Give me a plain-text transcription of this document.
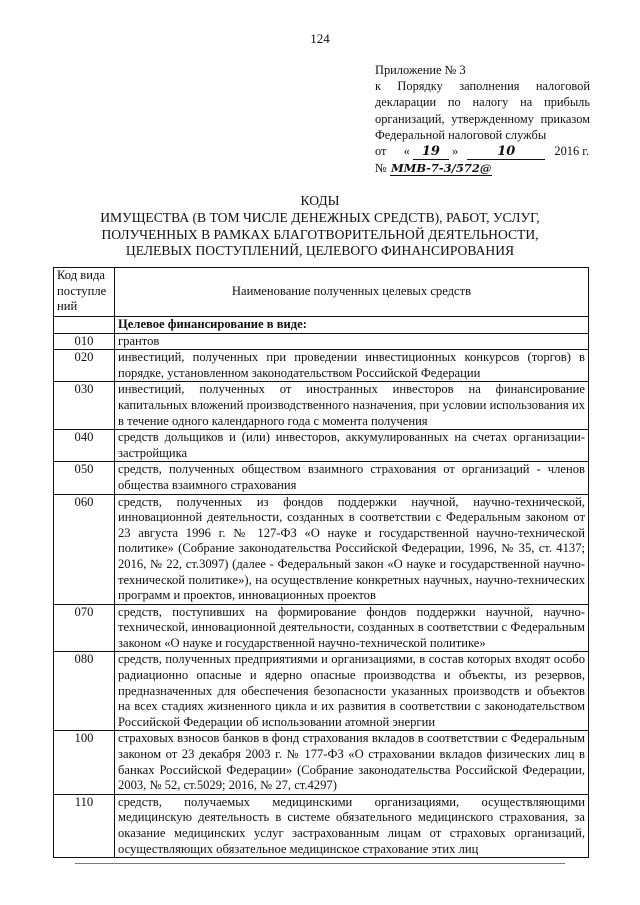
124
Приложение № 3
к Порядку заполнения налоговой
декларации по налогу на прибыль
организаций, утвержденному приказом
Федеральной налоговой службы
от « 19 »	10	2016 г.
№ ММВ-7-3/572@
КОДЫ
ИМУЩЕСТВА (В ТОМ ЧИСЛЕ ДЕНЕЖНЫХ СРЕДСТВ), РАБОТ, УСЛУГ,
ПОЛУЧЕННЫХ В РАМКАХ БЛАГОТВОРИТЕЛЬНОЙ ДЕЯТЕЛЬНОСТИ,
ЦЕЛЕВЫХ ПОСТУПЛЕНИЙ, ЦЕЛЕВОГО ФИНАНСИРОВАНИЯ
Код вида поступле ний	Наименование полученных целевых средств
	Целевое финансирование в виде:
010	грантов
020	инвестиций, полученных при проведении инвестиционных конкурсов (торгов) в порядке, установленном законодательством Российской Федерации
030	инвестиций, полученных от иностранных инвесторов на финансирование капитальных вложений производственного назначения, при условии использования их в течение одного календарного года с момента получения
040	средств дольщиков и (или) инвесторов, аккумулированных на счетах организации-застройщика
050	средств, полученных обществом взаимного страхования от организаций - членов общества взаимного страхования
060	средств, полученных из фондов поддержки научной, научно-технической, инновационной деятельности, созданных в соответствии с Федеральным законом от 23 августа 1996 г. № 127-ФЗ «О науке и государственной научно-технической политике» (Собрание законодательства Российской Федерации, 1996, № 35, ст. 4137; 2016, № 22, ст.3097) (далее - Федеральный закон «О науке и государственной научно-технической политике»), на осуществление конкретных научных, научно-технических программ и проектов, инновационных проектов
070	средств, поступивших на формирование фондов поддержки научной, научно-технической, инновационной деятельности, созданных в соответствии с Федеральным законом «О науке и государственной научно-технической политике»
080	средств, полученных предприятиями и организациями, в состав которых входят особо радиационно опасные и ядерно опасные производства и объекты, из резервов, предназначенных для обеспечения безопасности указанных производств и объектов на всех стадиях жизненного цикла и их развития в соответствии с законодательством Российской Федерации об использовании атомной энергии
100	страховых взносов банков в фонд страхования вкладов в соответствии с Федеральным законом от 23 декабря 2003 г. № 177-ФЗ «О страховании вкладов физических лиц в банках Российской Федерации» (Собрание законодательства Российской Федерации, 2003, № 52, ст.5029; 2016, № 27, ст.4297)
110	средств, получаемых медицинскими организациями, осуществляющими медицинскую деятельность в системе обязательного медицинского страхования, за оказание медицинских услуг застрахованным лицам от страховых организаций, осуществляющих обязательное медицинское страхование этих лиц
